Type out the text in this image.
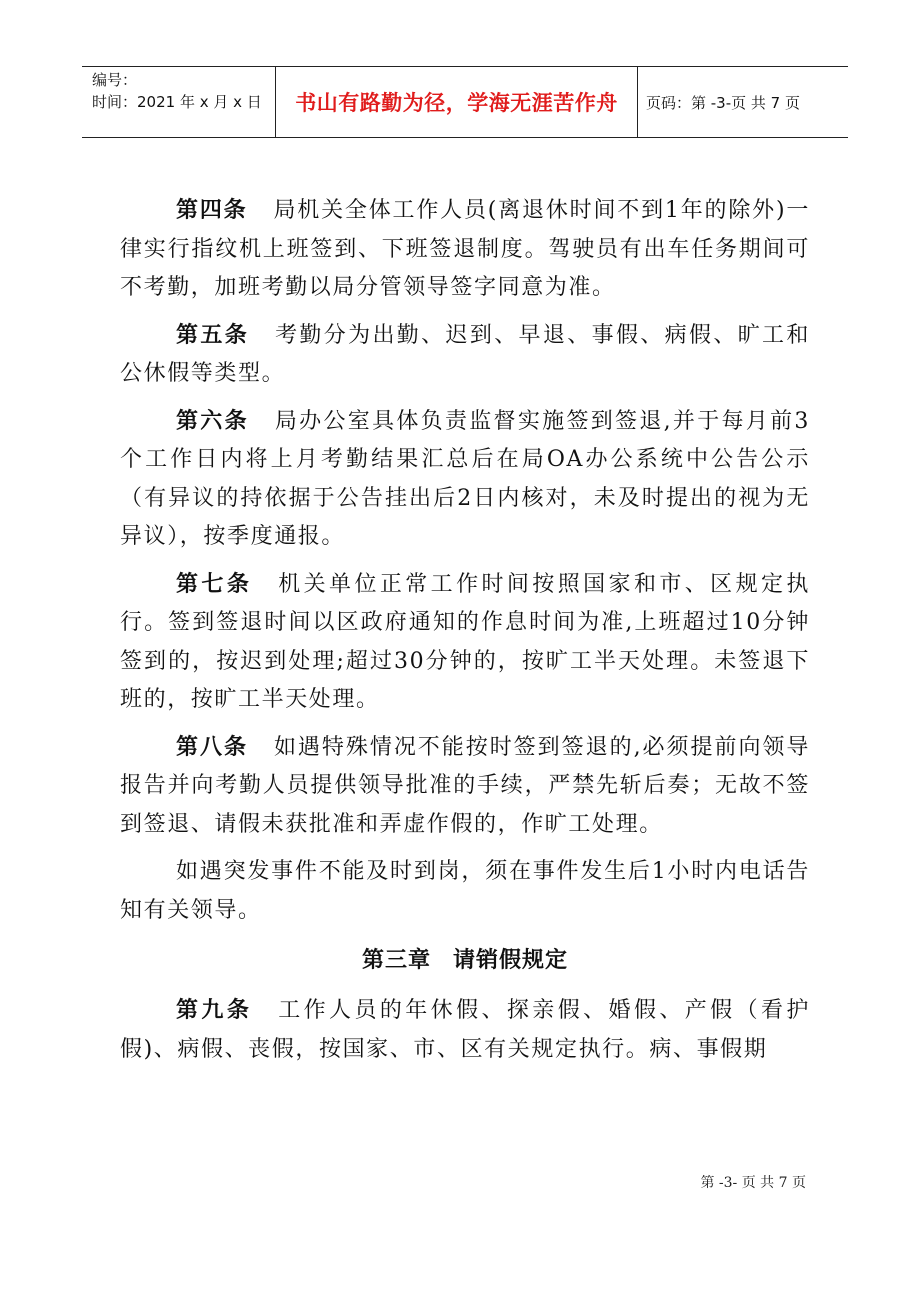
编号：
时间：2021 年 x 月 x 日	书山有路勤为径，学海无涯苦作舟 页码：第 -3-页 共 7 页

第四条 局机关全体工作人员(离退休时间不到1年的除外)一律实行指纹机上班签到、下班签退制度。驾驶员有出车任务期间可不考勤，加班考勤以局分管领导签字同意为准。

第五条 考勤分为出勤、迟到、早退、事假、病假、旷工和公休假等类型。

第六条 局办公室具体负责监督实施签到签退,并于每月前3个工作日内将上月考勤结果汇总后在局OA办公系统中公告公示（有异议的持依据于公告挂出后2日内核对，未及时提出的视为无异议），按季度通报。

第七条 机关单位正常工作时间按照国家和市、区规定执行。签到签退时间以区政府通知的作息时间为准,上班超过10分钟签到的，按迟到处理;超过30分钟的，按旷工半天处理。未签退下班的，按旷工半天处理。

第八条 如遇特殊情况不能按时签到签退的,必须提前向领导报告并向考勤人员提供领导批准的手续，严禁先斩后奏；无故不签到签退、请假未获批准和弄虚作假的，作旷工处理。

如遇突发事件不能及时到岗，须在事件发生后1小时内电话告知有关领导。

第三章 请销假规定

第九条 工作人员的年休假、探亲假、婚假、产假（看护假)、病假、丧假，按国家、市、区有关规定执行。病、事假期

第 -3- 页 共 7 页
